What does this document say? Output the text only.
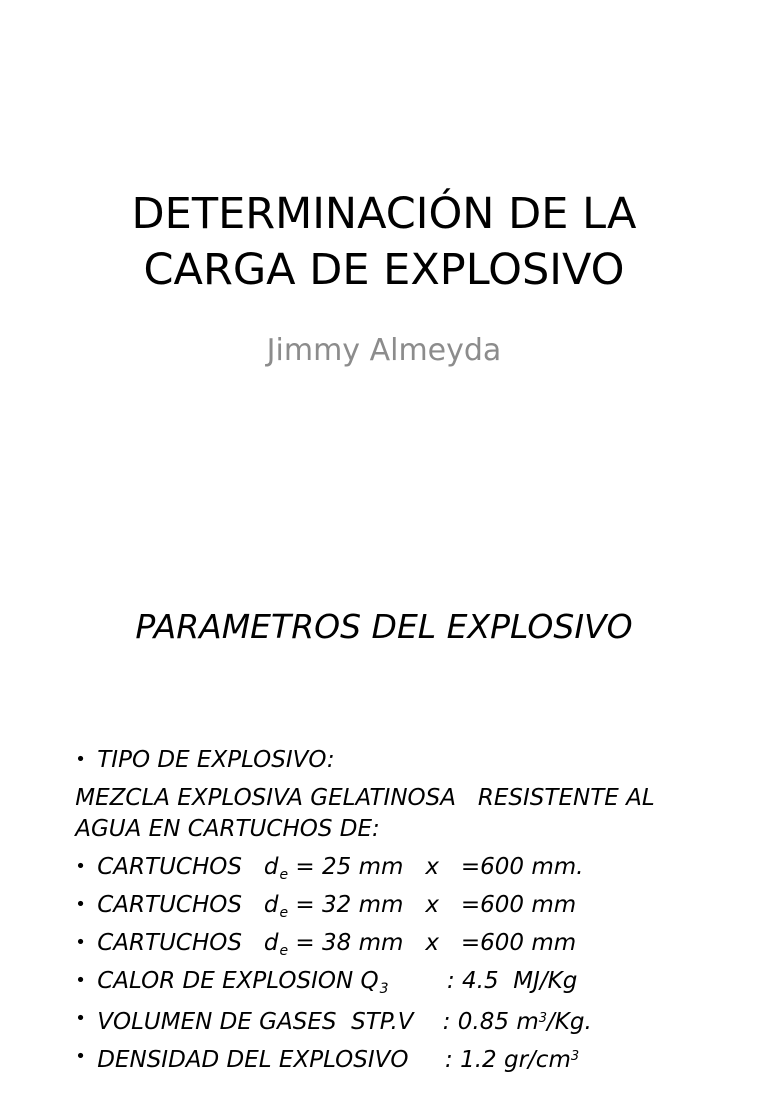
DETERMINACIÓN DE LA
CARGA DE EXPLOSIVO
Jimmy Almeyda
PARAMETROS DEL EXPLOSIVO

• TIPO DE EXPLOSIVO:

MEZCLA EXPLOSIVA GELATINOSA   RESISTENTE AL

AGUA EN CARTUCHOS DE:

• CARTUCHOS   $d_e = 25$ mm   x   =600 mm.

• CARTUCHOS   $d_e = 32$ mm   x   =600 mm

• CARTUCHOS   $d_e = 38$ mm   x   =600 mm

• CALOR DE EXPLOSION $Q_3$        : 4.5  MJ/Kg

• VOLUMEN DE GASES  STP.V    : 0.85 $m^3/Kg$.

• DENSIDAD DEL EXPLOSIVO     : 1.2 $gr/cm^3$
